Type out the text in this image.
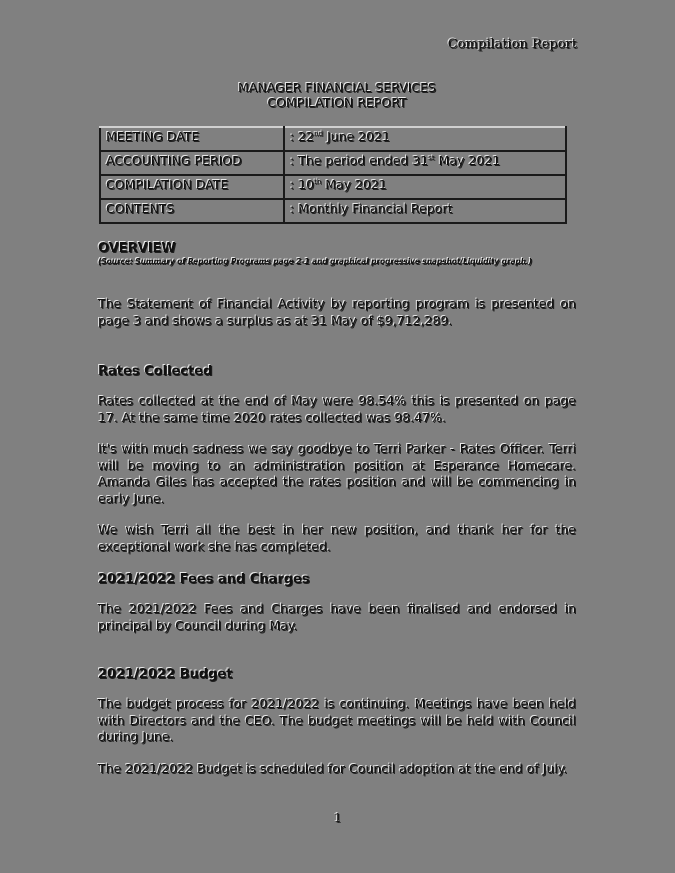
Compilation Report
MANAGER FINANCIAL SERVICES
COMPILATION REPORT
MEETING DATE	: 22nd June 2021
ACCOUNTING PERIOD	: The period ended 31st May 2021
COMPILATION DATE	: 10th May 2021
CONTENTS	: Monthly Financial Report
OVERVIEW
(Source: Summary of Reporting Programs page 2-1 and graphical progressive snapshot/Liquidity graph.)
The Statement of Financial Activity by reporting program is presented on page 3 and shows a surplus as at 31 May of $9,712,289.
Rates Collected
Rates collected at the end of May were 98.54% this is presented on page 17. At the same time 2020 rates collected was 98.47%.
It's with much sadness we say goodbye to Terri Parker - Rates Officer. Terri will be moving to an administration position at Esperance Homecare. Amanda Giles has accepted the rates position and will be commencing in early June.
We wish Terri all the best in her new position, and thank her for the exceptional work she has completed.
2021/2022 Fees and Charges
The 2021/2022 Fees and Charges have been finalised and endorsed in principal by Council during May.
2021/2022 Budget
The budget process for 2021/2022 is continuing. Meetings have been held with Directors and the CEO. The budget meetings will be held with Council during June.
The 2021/2022 Budget is scheduled for Council adoption at the end of July.
1
